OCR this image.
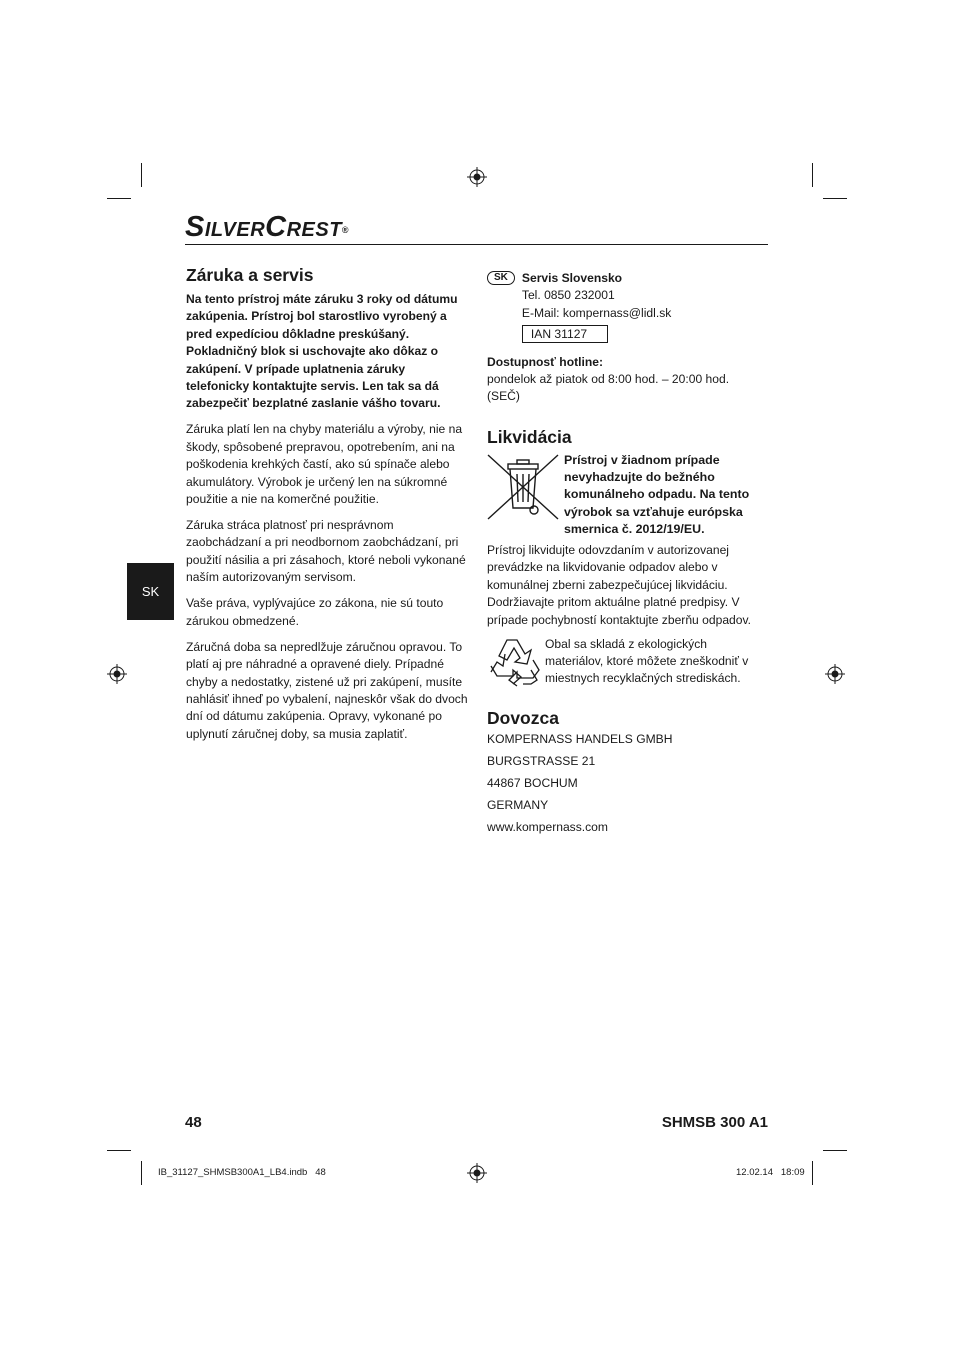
SilverCrest®
SK
Záruka a servis

Na tento prístroj máte záruku 3 roky od dátumu zakúpenia. Prístroj bol starostlivo vyrobený a pred expedíciou dôkladne preskúšaný. Pokladničný blok si uschovajte ako dôkaz o zakúpení. V prípade uplatnenia záruky telefonicky kontaktujte servis. Len tak sa dá zabezpečiť bezplatné zaslanie vášho tovaru.

Záruka platí len na chyby materiálu a výroby, nie na škody, spôsobené prepravou, opotrebením, ani na poškodenia krehkých častí, ako sú spínače alebo akumulátory. Výrobok je určený len na súkromné použitie a nie na komerčné použitie.

Záruka stráca platnosť pri nesprávnom zaobchádzaní a pri neodbornom zaobchádzaní, pri použití násilia a pri zásahoch, ktoré neboli vykonané naším autorizovaným servisom.

Vaše práva, vyplývajúce zo zákona, nie sú touto zárukou obmedzené.

Záručná doba sa nepredlžuje záručnou opravou. To platí aj pre náhradné a opravené diely. Prípadné chyby a nedostatky, zistené už pri zakúpení, musíte nahlásiť ihneď po vybalení, najneskôr však do dvoch dní od dátumu zakúpenia. Opravy, vykonané po uplynutí záručnej doby, sa musia zaplatiť.

SK	Servis Slovensko
Tel. 0850 232001
E-Mail: kompernass@lidl.sk
IAN 31127
Dostupnosť hotline:
pondelok až piatok od 8:00 hod. – 20:00 hod. (SEČ)
Likvidácia
Prístroj v žiadnom prípade nevyhadzujte do bežného komunálneho odpadu. Na tento výrobok sa vzťahuje európska smernica č. 2012/19/EU.

Prístroj likvidujte odovzdaním v autorizovanej prevádzke na likvidovanie odpadov alebo v komunálnej zberni zabezpečujúcej likvidáciu. Dodržiavajte pritom aktuálne platné predpisy. V prípade pochybností kontaktujte zberňu odpadov.

Obal sa skladá z ekologických materiálov, ktoré môžete zneškodniť v miestnych recyklačných strediskách.
Dovozca

KOMPERNASS HANDELS GMBH

BURGSTRASSE 21

44867 BOCHUM

GERMANY

www.kompernass.com

48	SHMSB 300 A1
IB_31127_SHMSB300A1_LB4.indb   48	12.02.14   18:09
